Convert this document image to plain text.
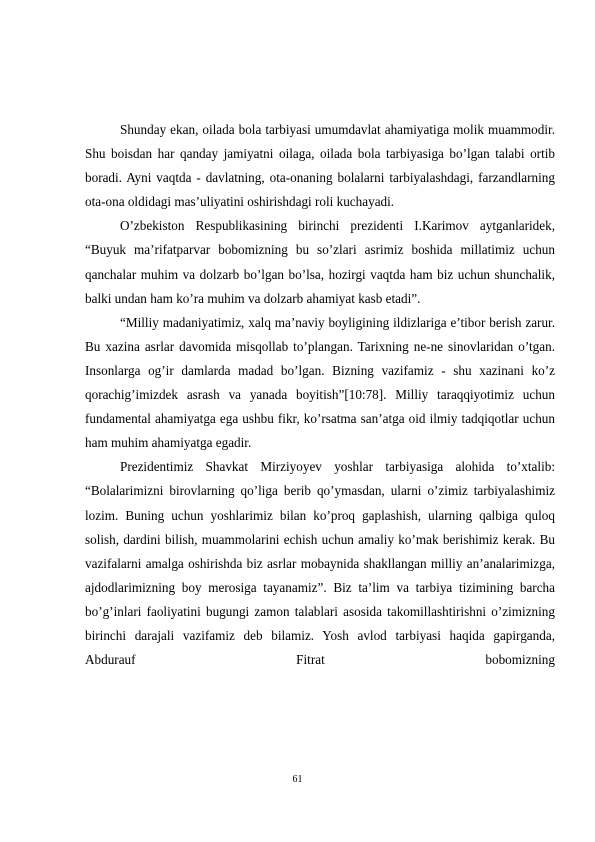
Shunday ekan, oilada bola tarbiyasi umumdavlat ahamiyatiga molik muammodir. Shu boisdan har qanday jamiyatni oilaga, oilada bola tarbiyasiga bo’lgan talabi ortib boradi. Ayni vaqtda - davlatning, ota-onaning bolalarni tarbiyalashdagi, farzandlarning ota-ona oldidagi mas’uliyatini oshirishdagi roli kuchayadi.

O’zbekiston Respublikasining birinchi prezidenti I.Karimov aytganlaridek, “Buyuk ma’rifatparvar bobomizning bu so’zlari asrimiz boshida millatimiz uchun qanchalar muhim va dolzarb bo’lgan bo’lsa, hozirgi vaqtda ham biz uchun shunchalik, balki undan ham ko’ra muhim va dolzarb ahamiyat kasb etadi”.

“Milliy madaniyatimiz, xalq ma’naviy boyligining ildizlariga e’tibor berish zarur. Bu xazina asrlar davomida misqollab to’plangan. Tarixning ne-ne sinovlaridan o’tgan. Insonlarga og’ir damlarda madad bo’lgan. Bizning vazifamiz - shu xazinani ko’z qorachig’imizdek asrash va yanada boyitish”[10:78]. Milliy taraqqiyotimiz uchun fundamental ahamiyatga ega ushbu fikr, ko’rsatma san’atga oid ilmiy tadqiqotlar uchun ham muhim ahamiyatga egadir.

Prezidentimiz Shavkat Mirziyoyev yoshlar tarbiyasiga alohida to’xtalib: “Bolalarimizni birovlarning qo’liga berib qo’ymasdan, ularni o’zimiz tarbiyalashimiz lozim. Buning uchun yoshlarimiz bilan ko’proq gaplashish, ularning qalbiga quloq solish, dardini bilish, muammolarini echish uchun amaliy ko’mak berishimiz kerak. Bu vazifalarni amalga oshirishda biz asrlar mobaynida shakllangan milliy an’analarimizga, ajdodlarimizning boy merosiga tayanamiz”. Biz ta’lim va tarbiya tizimining barcha bo’g’inlari faoliyatini bugungi zamon talablari asosida takomillashtirishni o’zimizning birinchi darajali vazifamiz deb bilamiz. Yosh avlod tarbiyasi haqida gapirganda, Abdurauf Fitrat bobomizning

61
